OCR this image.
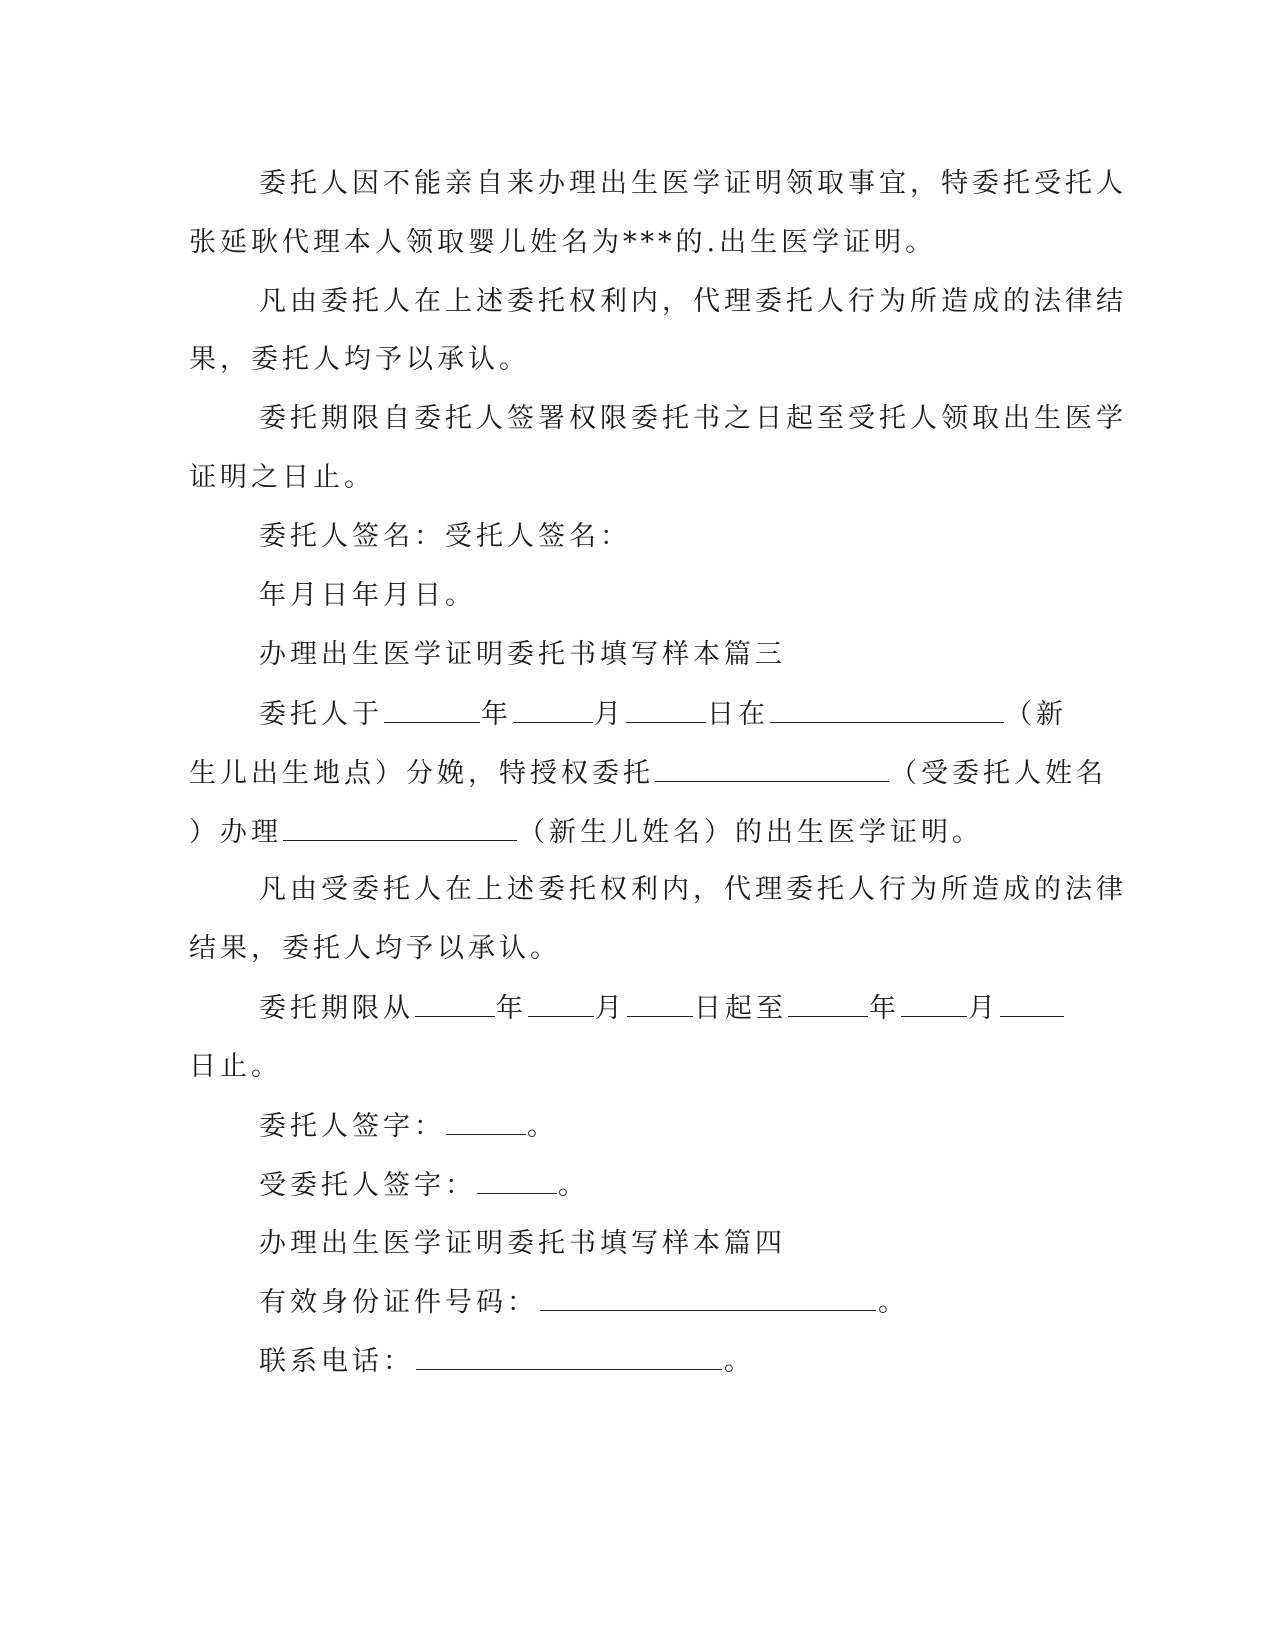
委托人因不能亲自来办理出生医学证明领取事宜，特委托受托人
张延耿代理本人领取婴儿姓名为***的.出生医学证明。
凡由委托人在上述委托权利内，代理委托人行为所造成的法律结
果，委托人均予以承认。
委托期限自委托人签署权限委托书之日起至受托人领取出生医学
证明之日止。
委托人签名：受托人签名：
年月日年月日。
办理出生医学证明委托书填写样本篇三
委托人于	年	月	日在	（新
生儿出生地点）分娩，特授权委托	（受委托人姓名
）办理	（新生儿姓名）的出生医学证明。
凡由受委托人在上述委托权利内，代理委托人行为所造成的法律
结果，委托人均予以承认。
委托期限从	年	月	日起至	年	月
日止。
委托人签字：	。
受委托人签字：	。
办理出生医学证明委托书填写样本篇四
有效身份证件号码：	。
联系电话：	。
